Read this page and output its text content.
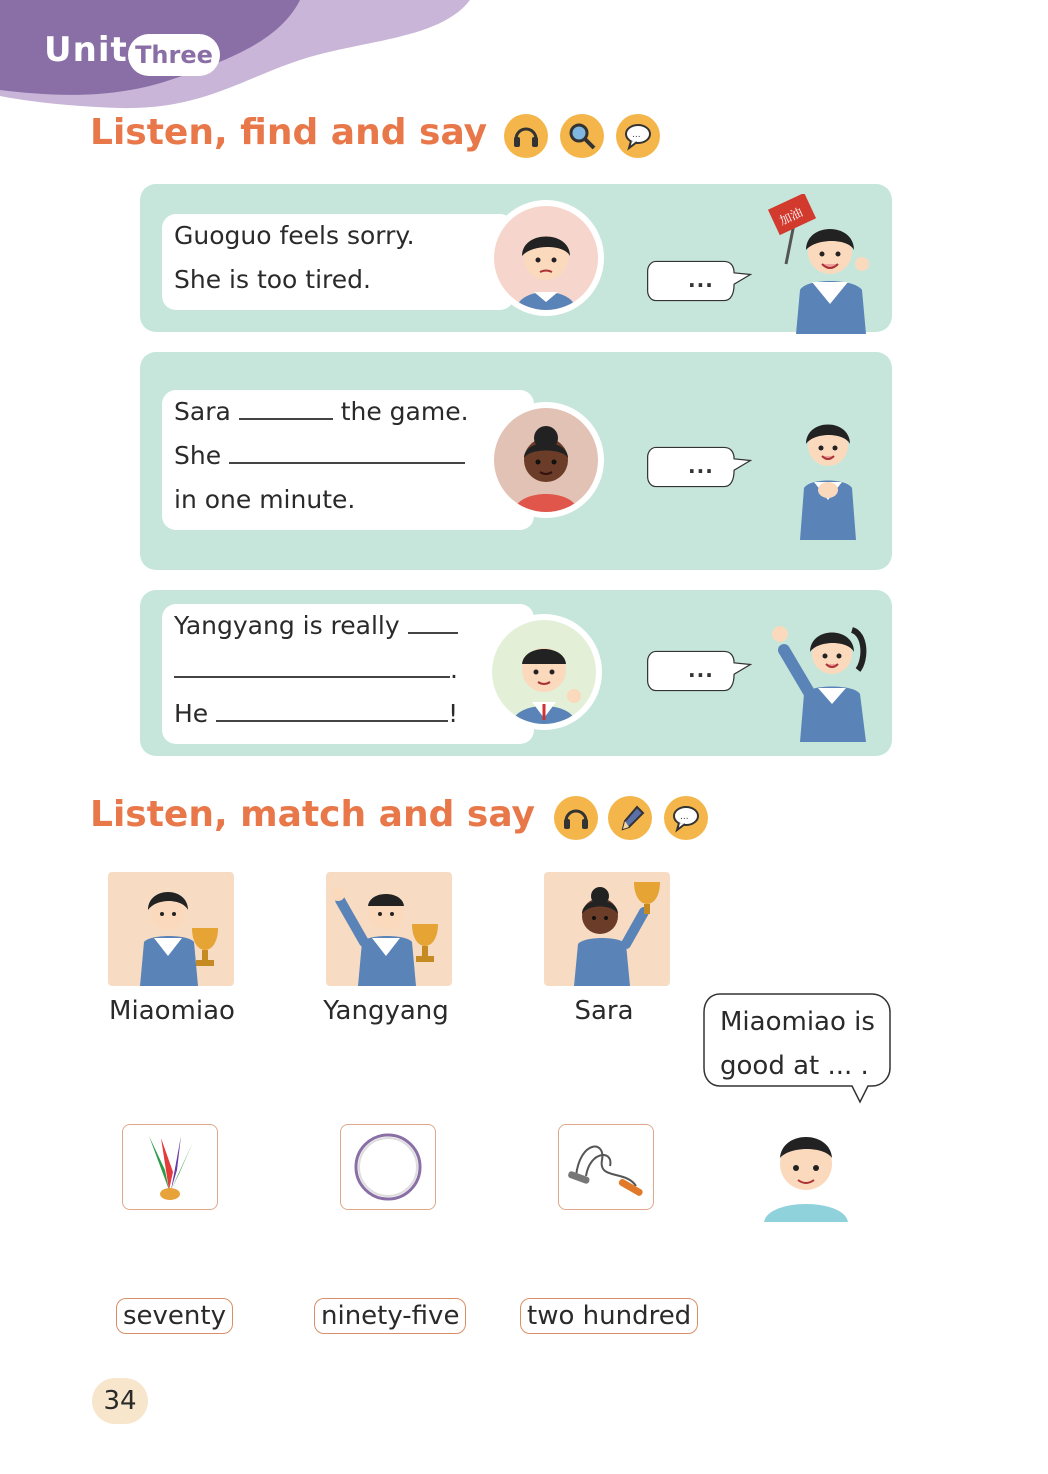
Unit Three
Listen, find and say	...
Guoguo feels sorry.
She is too tired.	...
加油
Sara	the game.
She
in one minute.
...
Yangyang is really
.
He	!
...
Listen, match and say	...
Miaomiao	Yangyang	Sara	Miaomiao is
good at ... .
seventy	ninety-five	two hundred
34
